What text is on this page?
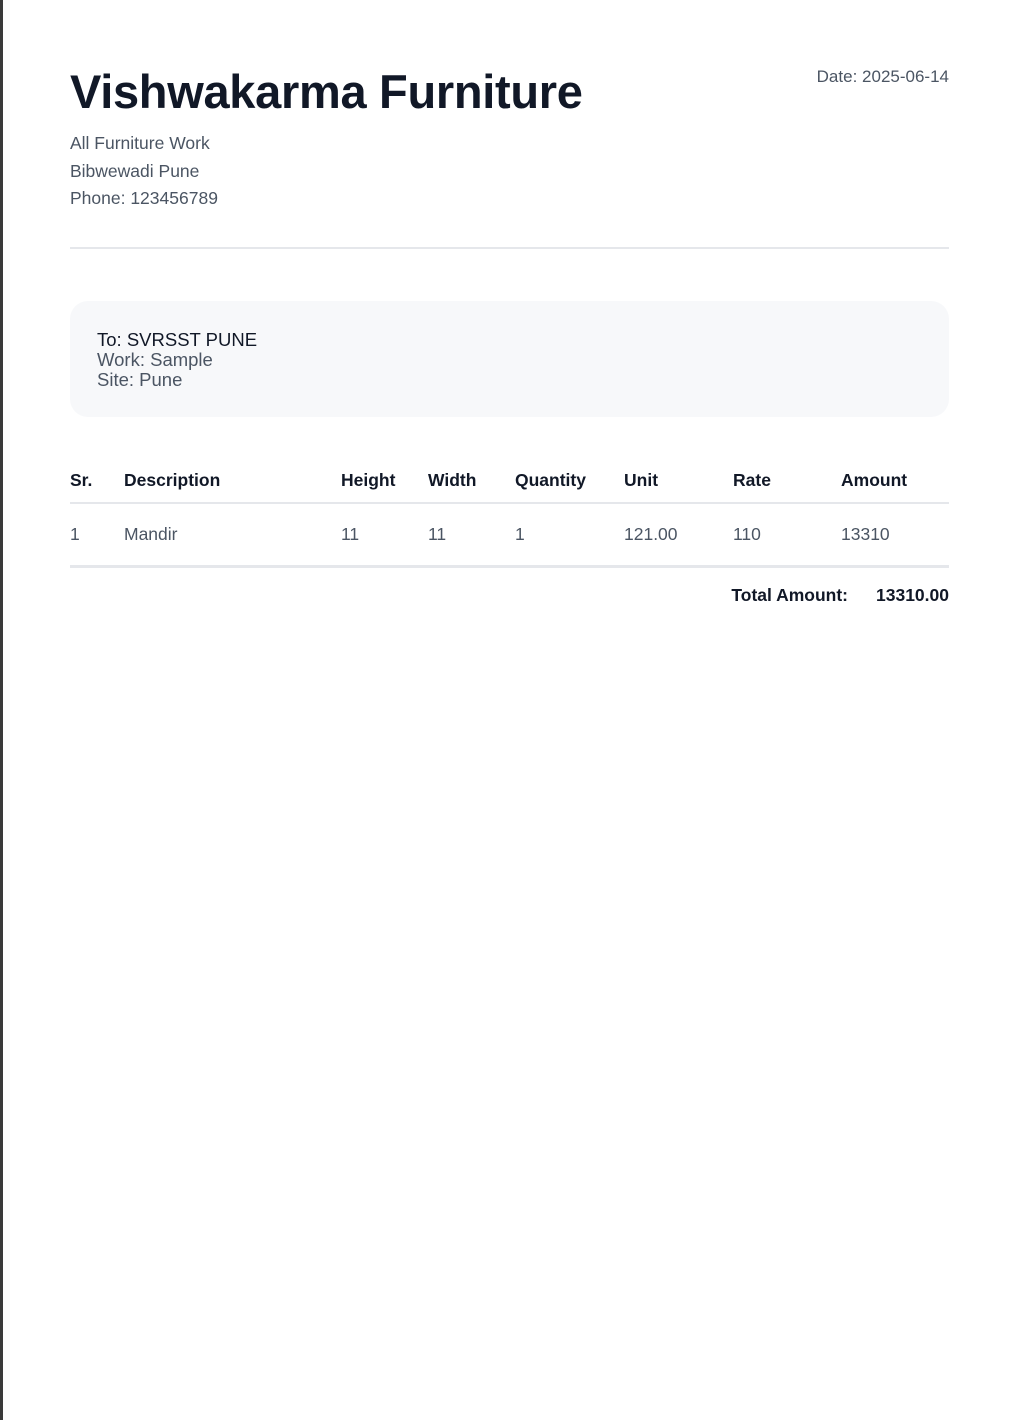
Vishwakarma Furniture	Date: 2025-06-14
All Furniture Work
Bibwewadi Pune
Phone: 123456789
To: SVRSST PUNE
Work: Sample
Site: Pune
Sr.	Description	Height	Width	Quantity	Unit	Rate	Amount
1	Mandir	11	11	1	121.00	110	13310
Total Amount: 13310.00
